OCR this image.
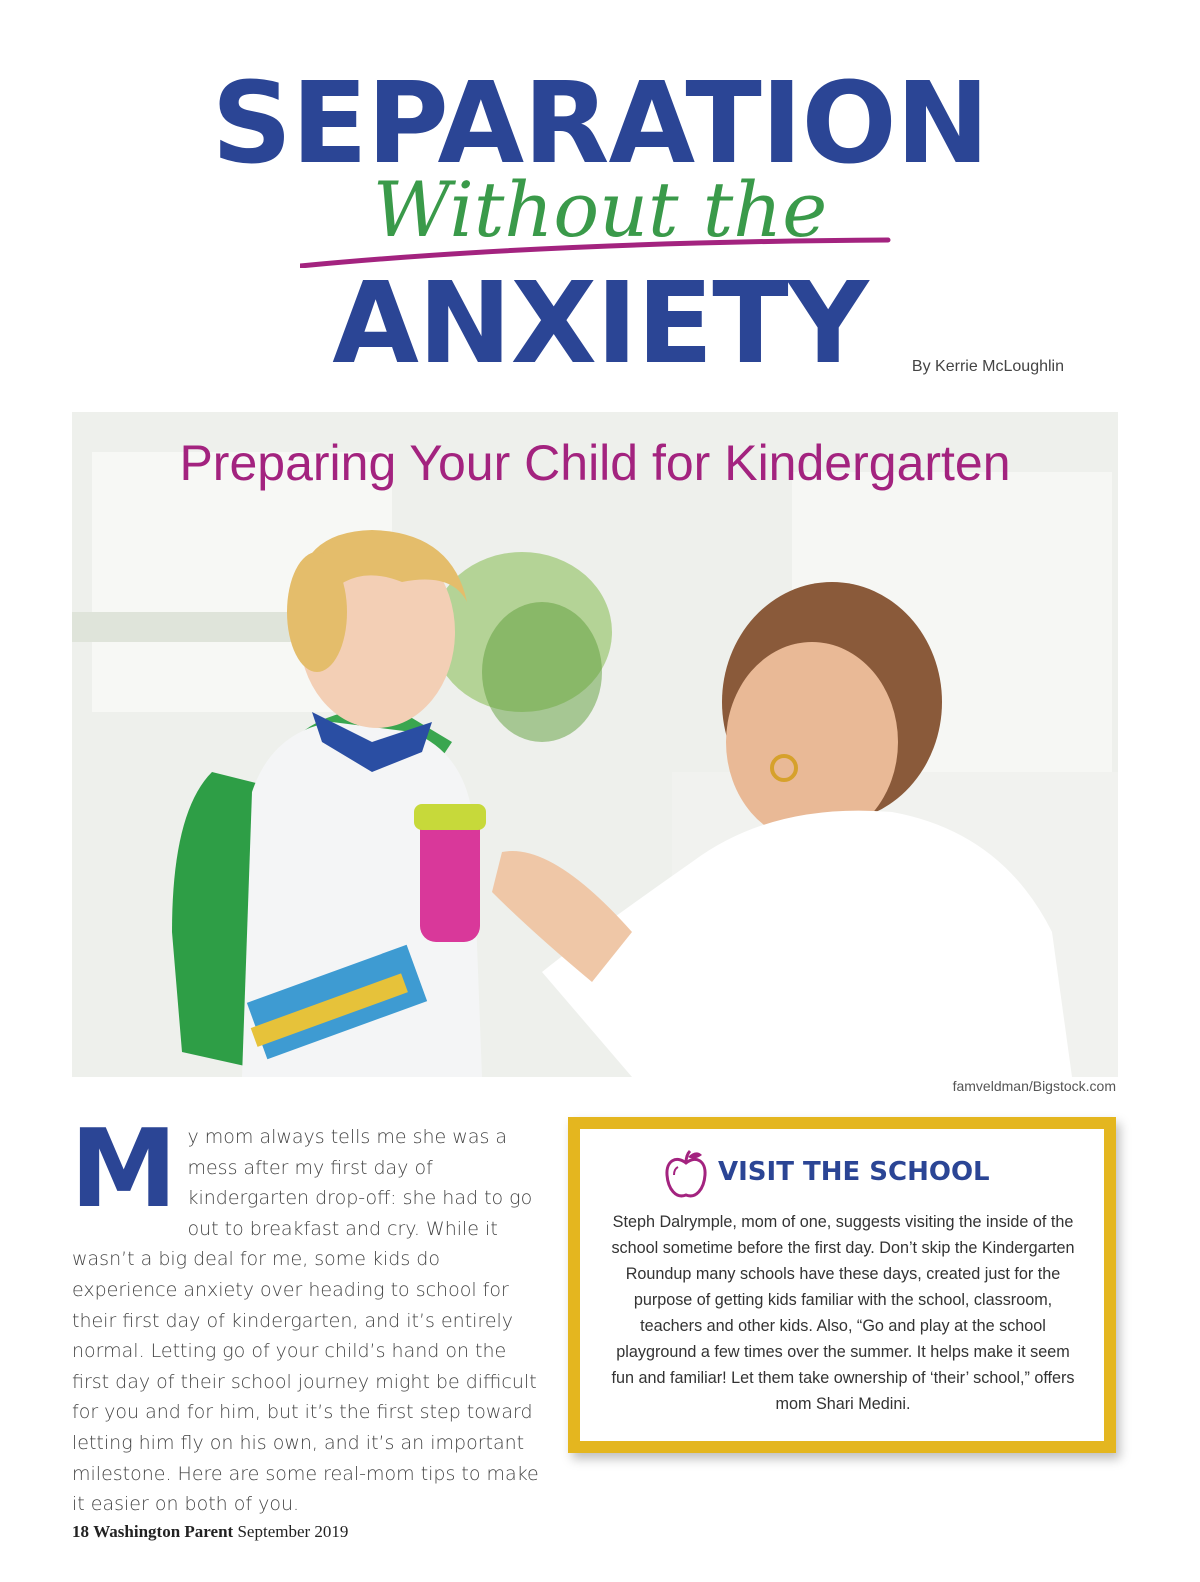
SEPARATION
Without the
ANXIETY	By Kerrie McLoughlin
Preparing Your Child for Kindergarten
famveldman/Bigstock.com
My mom always tells me she was a mess after my first day of kindergarten drop-off: she had to go out to breakfast and cry. While it wasn’t a big deal for me, some kids do experience anxiety over heading to school for their first day of kindergarten, and it’s entirely normal. Letting go of your child’s hand on the first day of their school journey might be difficult for you and for him, but it’s the first step toward letting him fly on his own, and it’s an important milestone. Here are some real-mom tips to make it easier on both of you.
VISIT THE SCHOOL
Steph Dalrymple, mom of one, suggests visiting the inside of the school sometime before the first day. Don’t skip the Kindergarten Roundup many schools have these days, created just for the purpose of getting kids familiar with the school, classroom, teachers and other kids. Also, “Go and play at the school playground a few times over the summer. It helps make it seem fun and familiar! Let them take ownership of ‘their’ school,” offers mom Shari Medini.
18 Washington Parent September 2019
